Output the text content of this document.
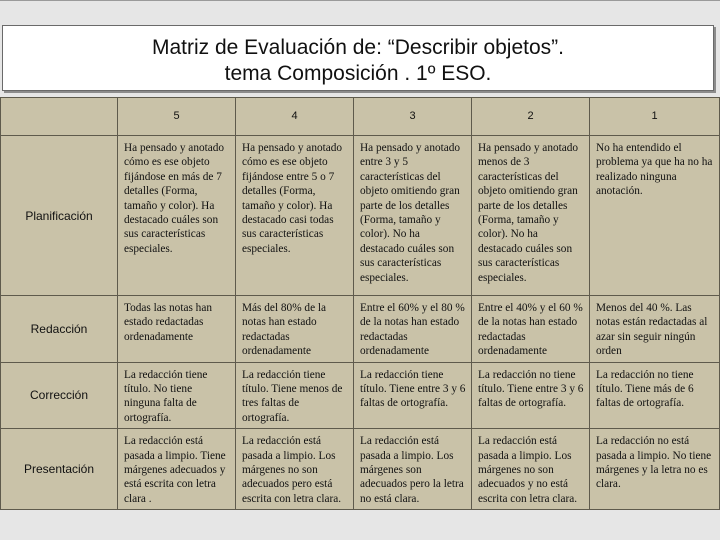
Matriz de Evaluación de: “Describir objetos”.
tema Composición . 1º ESO.
	5	4	3	2	1
Planificación	Ha pensado y anotado cómo es ese objeto fijándose en más de 7 detalles (Forma, tamaño y color). Ha destacado cuáles son sus características especiales.	Ha pensado y anotado cómo es ese objeto fijándose entre 5 o 7 detalles (Forma, tamaño y color). Ha destacado casi todas sus características especiales.	Ha pensado y anotado entre 3 y 5 características del objeto omitiendo gran parte de los detalles (Forma, tamaño y color). No ha destacado cuáles son sus características especiales.	Ha pensado y anotado menos de 3 características del objeto omitiendo gran parte de los detalles (Forma, tamaño y color). No ha destacado cuáles son sus características especiales.	No ha entendido el problema ya que ha no ha realizado ninguna anotación.
Redacción	Todas las notas han estado redactadas ordenadamente	Más del 80% de la notas han estado redactadas ordenadamente	Entre el 60% y el 80 % de la notas han estado redactadas ordenadamente	Entre el 40% y el 60 % de la notas han estado redactadas ordenadamente	Menos del 40 %. Las notas están redactadas al azar sin seguir ningún orden
Corrección	La redacción tiene título. No tiene ninguna falta de ortografía.	La redacción tiene título. Tiene menos de tres faltas de ortografía.	La redacción tiene título. Tiene entre 3 y 6 faltas de ortografía.	La redacción no tiene título. Tiene entre 3 y 6 faltas de ortografía.	La redacción no tiene título. Tiene más de 6 faltas de ortografía.
Presentación	La redacción está pasada a limpio. Tiene márgenes adecuados y está escrita con letra clara .	La redacción está pasada a limpio. Los márgenes no son adecuados pero está escrita con letra clara.	La redacción está pasada a limpio. Los márgenes son adecuados pero la letra no está clara.	La redacción está pasada a limpio. Los márgenes no son adecuados y no está escrita con letra clara.	La redacción no está pasada a limpio. No tiene márgenes y la letra no es clara.
